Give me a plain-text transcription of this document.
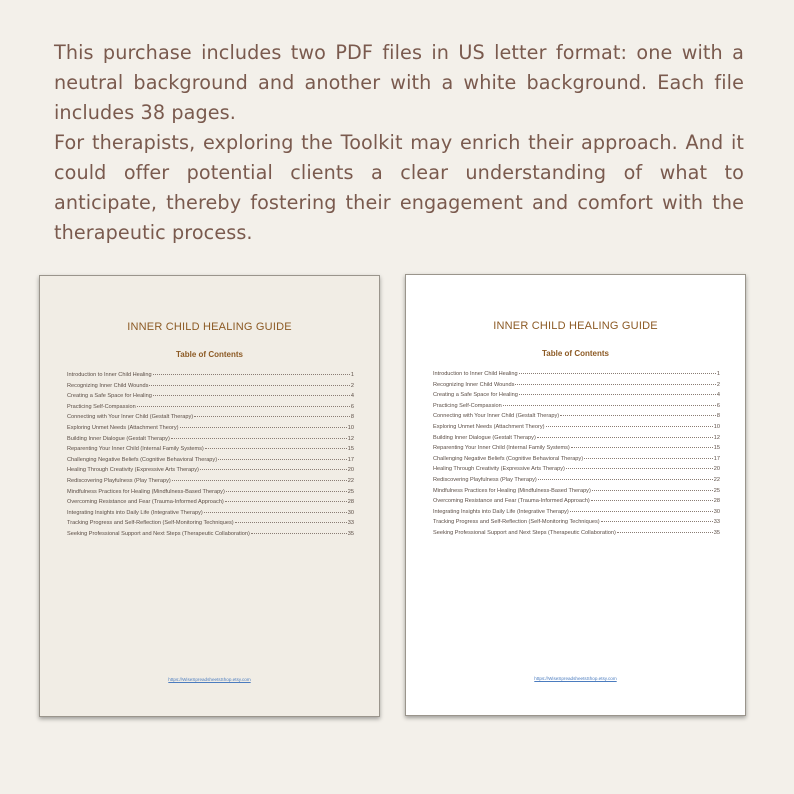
This purchase includes two PDF files in US letter format: one with a neutral background and another with a white background. Each file includes 38 pages.

For therapists, exploring the Toolkit may enrich their approach. And it could offer potential clients a clear understanding of what to anticipate, thereby fostering their engagement and comfort with the therapeutic process.

INNER CHILD HEALING GUIDE
Table of Contents
Introduction to Inner Child Healing	1
Recognizing Inner Child Wounds	2
Creating a Safe Space for Healing	4
Practicing Self-Compassion	6
Connecting with Your Inner Child (Gestalt Therapy)	8
Exploring Unmet Needs (Attachment Theory)	10
Building Inner Dialogue (Gestalt Therapy)	12
Reparenting Your Inner Child (Internal Family Systems)	15
Challenging Negative Beliefs (Cognitive Behavioral Therapy)	17
Healing Through Creativity (Expressive Arts Therapy)	20
Rediscovering Playfulness (Play Therapy)	22
Mindfulness Practices for Healing (Mindfulness-Based Therapy)	25
Overcoming Resistance and Fear (Trauma-Informed Approach)	28
Integrating Insights into Daily Life (Integrative Therapy)	30
Tracking Progress and Self-Reflection (Self-Monitoring Techniques)	33
Seeking Professional Support and Next Steps (Therapeutic Collaboration)	35
https://WiseSpreadsheetsShop.etsy.com
INNER CHILD HEALING GUIDE
Table of Contents
Introduction to Inner Child Healing	1
Recognizing Inner Child Wounds	2
Creating a Safe Space for Healing	4
Practicing Self-Compassion	6
Connecting with Your Inner Child (Gestalt Therapy)	8
Exploring Unmet Needs (Attachment Theory)	10
Building Inner Dialogue (Gestalt Therapy)	12
Reparenting Your Inner Child (Internal Family Systems)	15
Challenging Negative Beliefs (Cognitive Behavioral Therapy)	17
Healing Through Creativity (Expressive Arts Therapy)	20
Rediscovering Playfulness (Play Therapy)	22
Mindfulness Practices for Healing (Mindfulness-Based Therapy)	25
Overcoming Resistance and Fear (Trauma-Informed Approach)	28
Integrating Insights into Daily Life (Integrative Therapy)	30
Tracking Progress and Self-Reflection (Self-Monitoring Techniques)	33
Seeking Professional Support and Next Steps (Therapeutic Collaboration)	35
https://WiseSpreadsheetsShop.etsy.com
